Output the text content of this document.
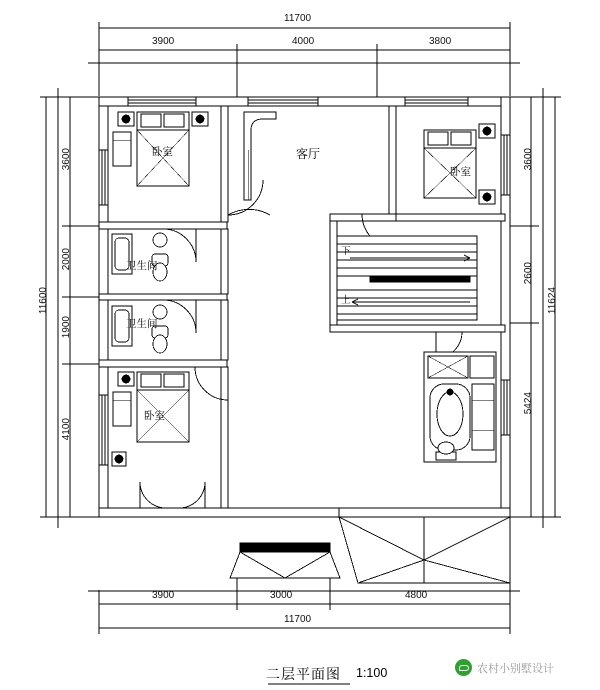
11700
3900	4000	3800
3900	3000	4800
11700
11600
3600
2000
1900
4100
11624
3600
2600
5424
卧室	客厅
卧室
卫生间
卫生间
卧室
下
上
二层平面图 1:100	农村小别墅设计
